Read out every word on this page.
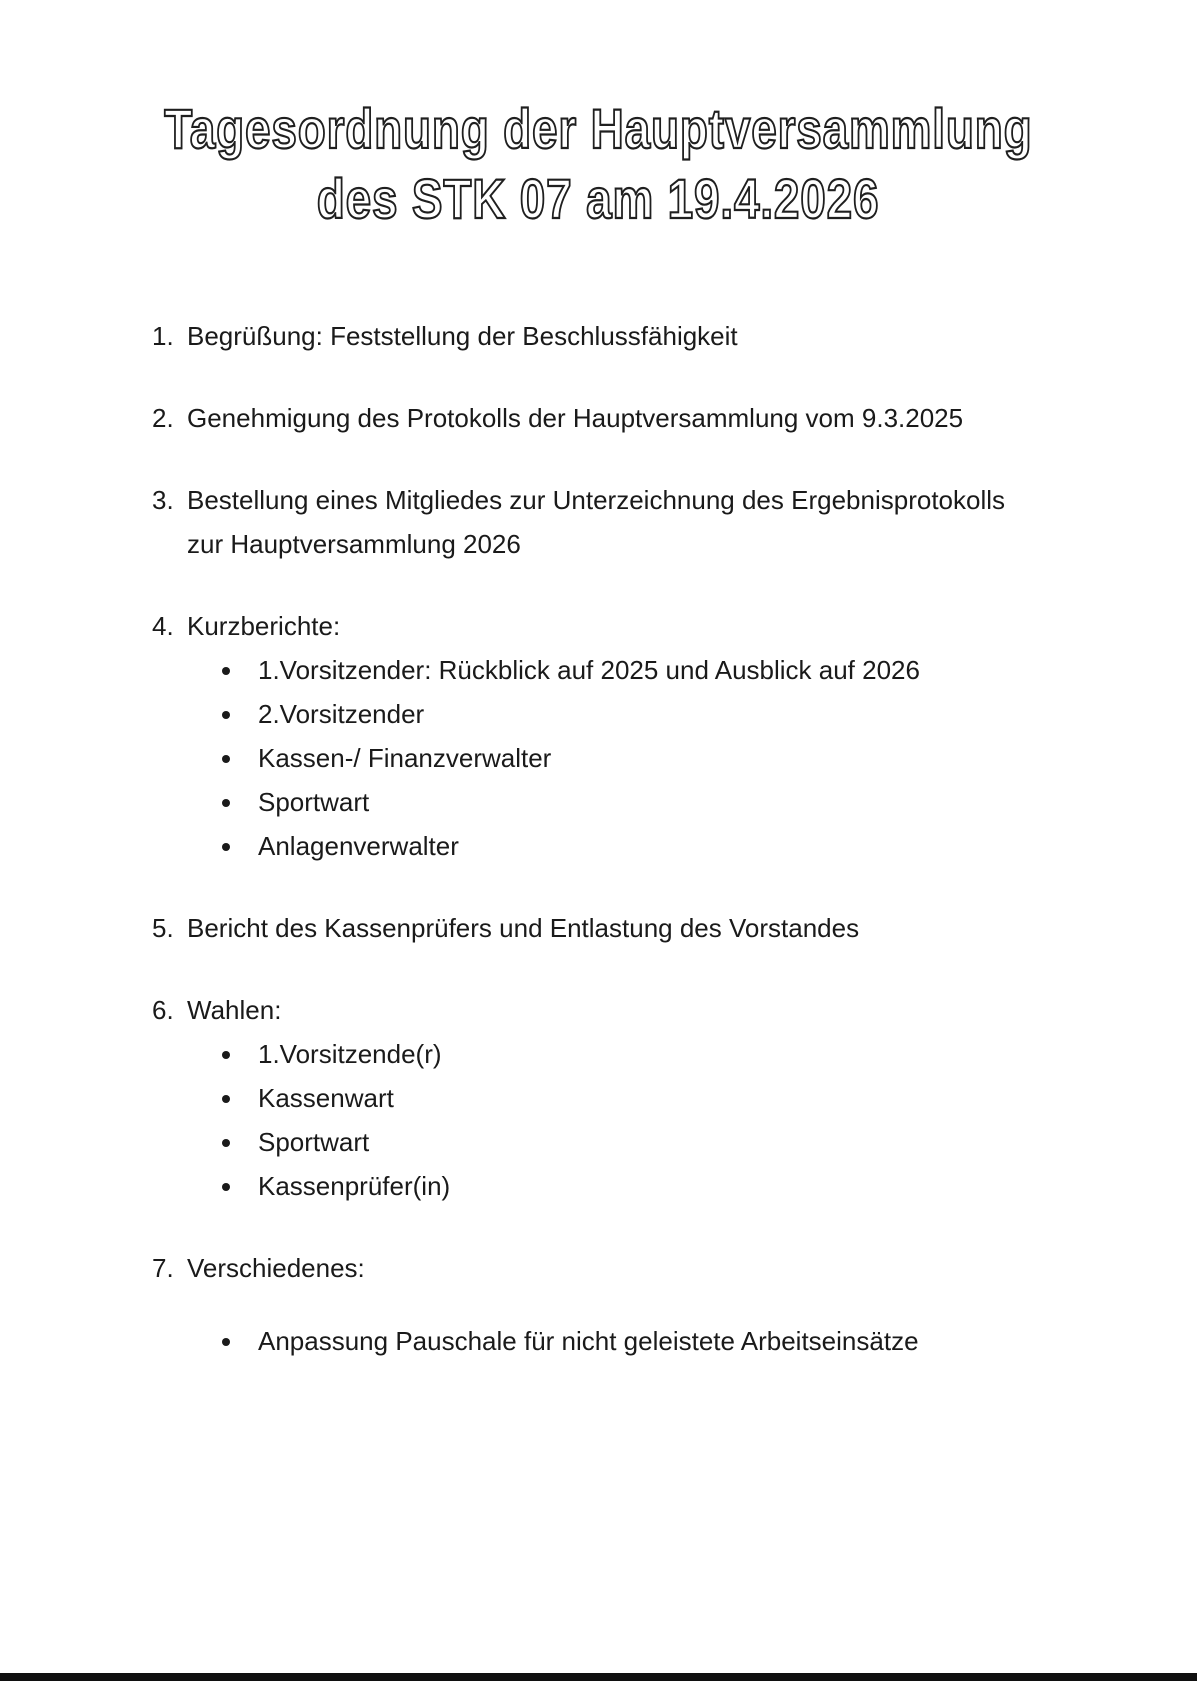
Tagesordnung der Hauptversammlung
des STK 07 am 19.4.2026
1. Begrüßung: Feststellung der Beschlussfähigkeit
2. Genehmigung des Protokolls der Hauptversammlung vom 9.3.2025
3. Bestellung eines Mitgliedes zur Unterzeichnung des Ergebnisprotokolls
zur Hauptversammlung 2026
4. Kurzberichte:
1.Vorsitzender: Rückblick auf 2025 und Ausblick auf 2026
2.Vorsitzender
Kassen-/ Finanzverwalter
Sportwart
Anlagenverwalter
5. Bericht des Kassenprüfers und Entlastung des Vorstandes
6. Wahlen:
1.Vorsitzende(r)
Kassenwart
Sportwart
Kassenprüfer(in)
7. Verschiedenes:
Anpassung Pauschale für nicht geleistete Arbeitseinsätze
